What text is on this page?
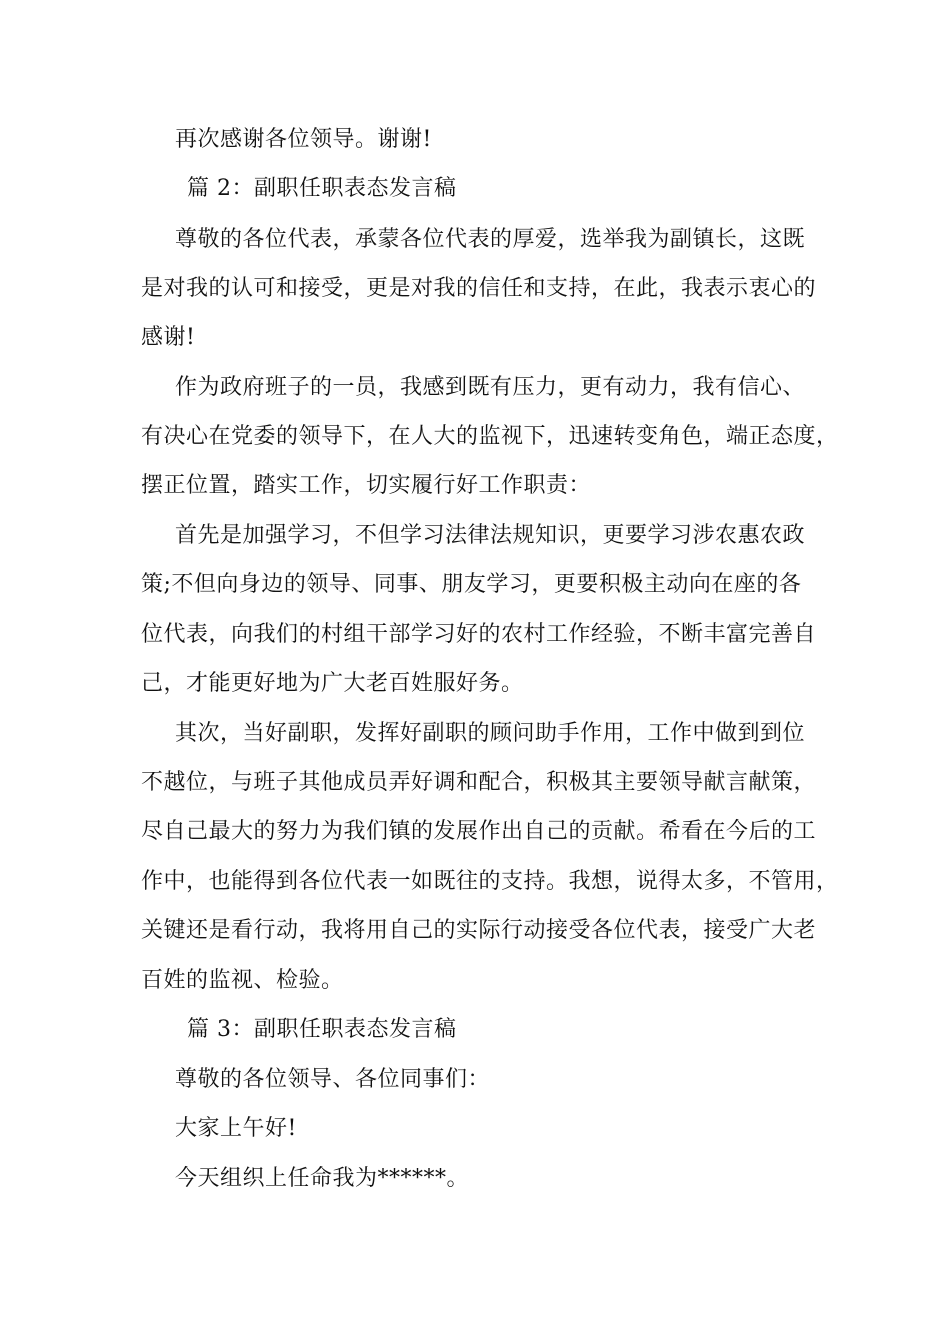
再次感谢各位领导。谢谢!
篇 2：副职任职表态发言稿
尊敬的各位代表，承蒙各位代表的厚爱，选举我为副镇长，这既
是对我的认可和接受，更是对我的信任和支持，在此，我表示衷心的
感谢!
作为政府班子的一员，我感到既有压力，更有动力，我有信心、
有决心在党委的领导下，在人大的监视下，迅速转变角色，端正态度，
摆正位置，踏实工作，切实履行好工作职责：
首先是加强学习，不但学习法律法规知识，更要学习涉农惠农政
策;不但向身边的领导、同事、朋友学习，更要积极主动向在座的各
位代表，向我们的村组干部学习好的农村工作经验，不断丰富完善自
己，才能更好地为广大老百姓服好务。
其次，当好副职，发挥好副职的顾问助手作用，工作中做到到位
不越位，与班子其他成员弄好调和配合，积极其主要领导献言献策，
尽自己最大的努力为我们镇的发展作出自己的贡献。希看在今后的工
作中，也能得到各位代表一如既往的支持。我想，说得太多，不管用，
关键还是看行动，我将用自己的实际行动接受各位代表，接受广大老
百姓的监视、检验。
篇 3：副职任职表态发言稿
尊敬的各位领导、各位同事们：
大家上午好!
今天组织上任命我为******。
